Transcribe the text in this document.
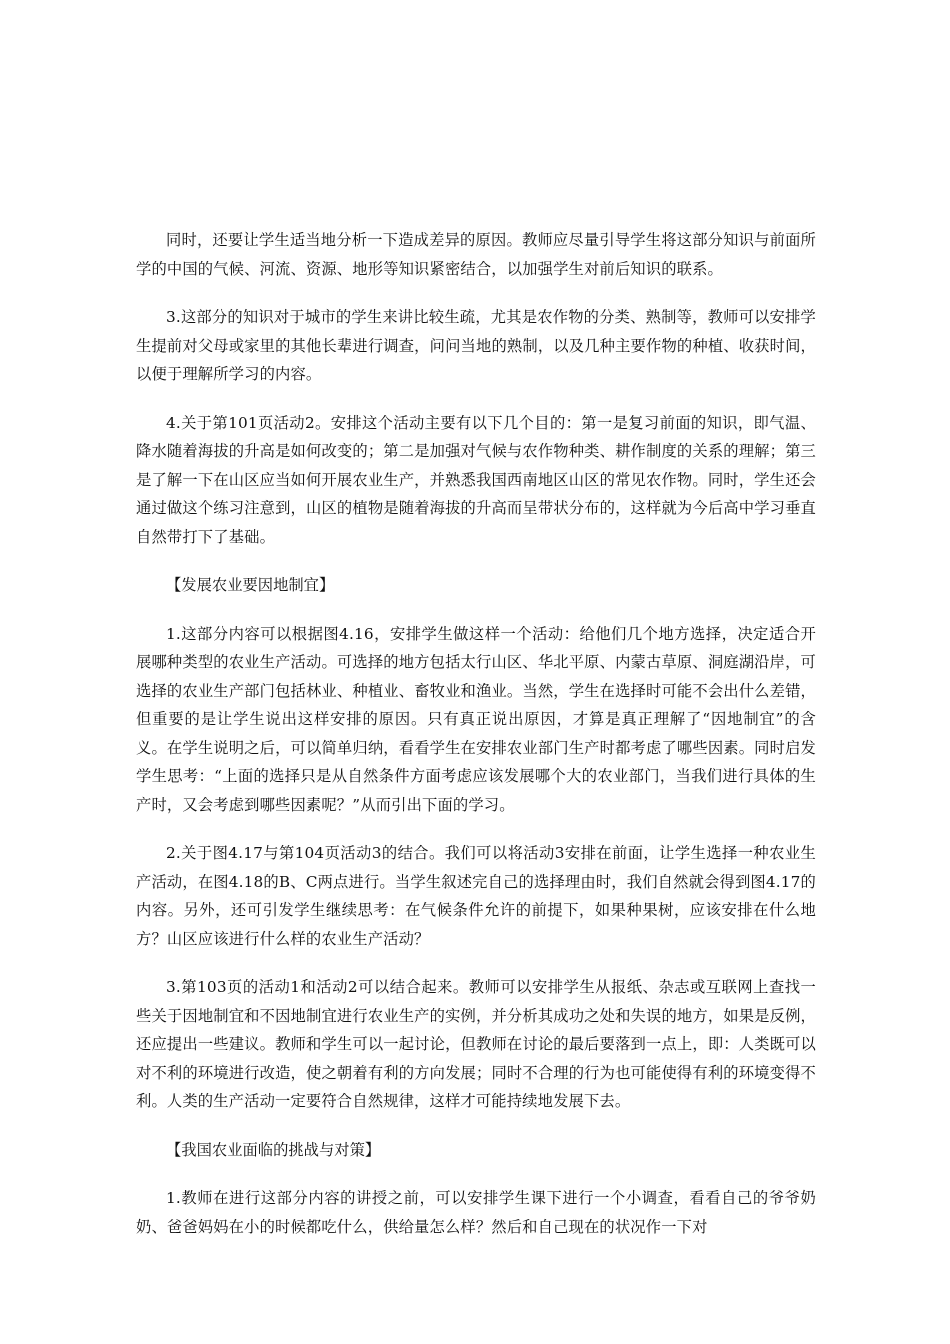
同时，还要让学生适当地分析一下造成差异的原因。教师应尽量引导学生将这部分知识与前面所学的中国的气候、河流、资源、地形等知识紧密结合，以加强学生对前后知识的联系。

3.这部分的知识对于城市的学生来讲比较生疏，尤其是农作物的分类、熟制等，教师可以安排学生提前对父母或家里的其他长辈进行调查，问问当地的熟制，以及几种主要作物的种植、收获时间，以便于理解所学习的内容。

4.关于第101页活动2。安排这个活动主要有以下几个目的：第一是复习前面的知识，即气温、降水随着海拔的升高是如何改变的；第二是加强对气候与农作物种类、耕作制度的关系的理解；第三是了解一下在山区应当如何开展农业生产，并熟悉我国西南地区山区的常见农作物。同时，学生还会通过做这个练习注意到，山区的植物是随着海拔的升高而呈带状分布的，这样就为今后高中学习垂直自然带打下了基础。

【发展农业要因地制宜】

1.这部分内容可以根据图4.16，安排学生做这样一个活动：给他们几个地方选择，决定适合开展哪种类型的农业生产活动。可选择的地方包括太行山区、华北平原、内蒙古草原、洞庭湖沿岸，可选择的农业生产部门包括林业、种植业、畜牧业和渔业。当然，学生在选择时可能不会出什么差错，但重要的是让学生说出这样安排的原因。只有真正说出原因，才算是真正理解了“因地制宜”的含义。在学生说明之后，可以简单归纳，看看学生在安排农业部门生产时都考虑了哪些因素。同时启发学生思考：“上面的选择只是从自然条件方面考虑应该发展哪个大的农业部门，当我们进行具体的生产时，又会考虑到哪些因素呢？”从而引出下面的学习。

2.关于图4.17与第104页活动3的结合。我们可以将活动3安排在前面，让学生选择一种农业生产活动，在图4.18的B、C两点进行。当学生叙述完自己的选择理由时，我们自然就会得到图4.17的内容。另外，还可引发学生继续思考：在气候条件允许的前提下，如果种果树，应该安排在什么地方？山区应该进行什么样的农业生产活动？

3.第103页的活动1和活动2可以结合起来。教师可以安排学生从报纸、杂志或互联网上查找一些关于因地制宜和不因地制宜进行农业生产的实例，并分析其成功之处和失误的地方，如果是反例，还应提出一些建议。教师和学生可以一起讨论，但教师在讨论的最后要落到一点上，即：人类既可以对不利的环境进行改造，使之朝着有利的方向发展；同时不合理的行为也可能使得有利的环境变得不利。人类的生产活动一定要符合自然规律，这样才可能持续地发展下去。

【我国农业面临的挑战与对策】

1.教师在进行这部分内容的讲授之前，可以安排学生课下进行一个小调查，看看自己的爷爷奶奶、爸爸妈妈在小的时候都吃什么，供给量怎么样？然后和自己现在的状况作一下对
